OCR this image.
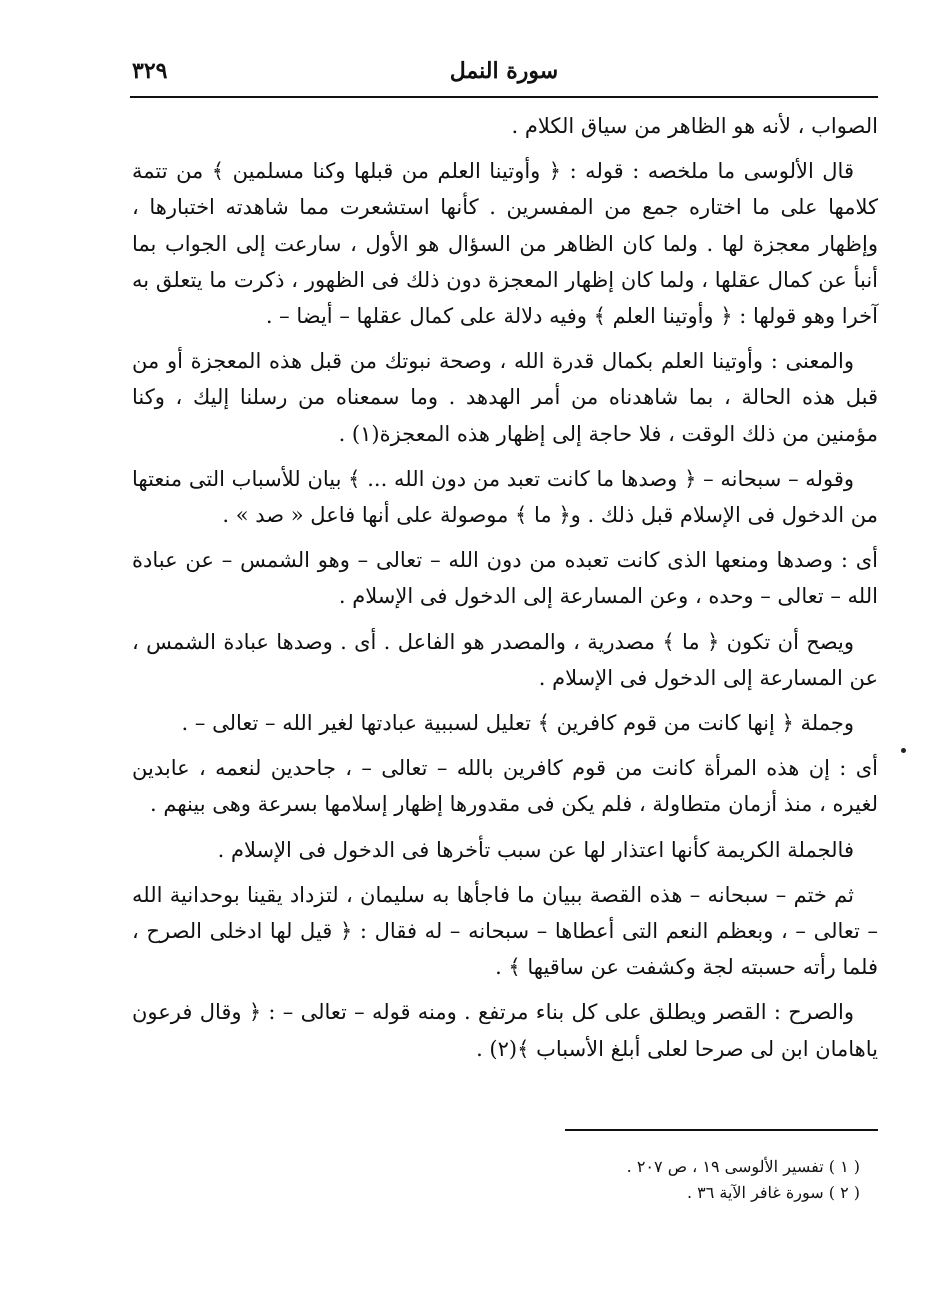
سورة النمل
٣٢٩

الصواب ، لأنه هو الظاهر من سياق الكلام .

قال الألوسى ما ملخصه : قوله : ﴿ وأوتينا العلم من قبلها وكنا مسلمين ﴾ من تتمة كلامها على ما اختاره جمع من المفسرين . كأنها استشعرت مما شاهدته اختبارها ، وإظهار معجزة لها . ولما كان الظاهر من السؤال هو الأول ، سارعت إلى الجواب بما أنبأ عن كمال عقلها ، ولما كان إظهار المعجزة دون ذلك فى الظهور ، ذكرت ما يتعلق به آخرا وهو قولها : ﴿ وأوتينا العلم ﴾ وفيه دلالة على كمال عقلها – أيضا – .

والمعنى : وأوتينا العلم بكمال قدرة الله ، وصحة نبوتك من قبل هذه المعجزة أو من قبل هذه الحالة ، بما شاهدناه من أمر الهدهد . وما سمعناه من رسلنا إليك ، وكنا مؤمنين من ذلك الوقت ، فلا حاجة إلى إظهار هذه المعجزة(١) .

وقوله – سبحانه – ﴿ وصدها ما كانت تعبد من دون الله ... ﴾ بيان للأسباب التى منعتها من الدخول فى الإسلام قبل ذلك . و﴿ ما ﴾ موصولة على أنها فاعل « صد » .

أى : وصدها ومنعها الذى كانت تعبده من دون الله – تعالى – وهو الشمس – عن عبادة الله – تعالى – وحده ، وعن المسارعة إلى الدخول فى الإسلام .

ويصح أن تكون ﴿ ما ﴾ مصدرية ، والمصدر هو الفاعل . أى . وصدها عبادة الشمس ، عن المسارعة إلى الدخول فى الإسلام .

وجملة ﴿ إنها كانت من قوم كافرين ﴾ تعليل لسببية عبادتها لغير الله – تعالى – .

أى : إن هذه المرأة كانت من قوم كافرين بالله – تعالى – ، جاحدين لنعمه ، عابدين لغيره ، منذ أزمان متطاولة ، فلم يكن فى مقدورها إظهار إسلامها بسرعة وهى بينهم .

فالجملة الكريمة كأنها اعتذار لها عن سبب تأخرها فى الدخول فى الإسلام .

ثم ختم – سبحانه – هذه القصة ببيان ما فاجأها به سليمان ، لتزداد يقينا بوحدانية الله – تعالى – ، وبعظم النعم التى أعطاها – سبحانه – له فقال : ﴿ قيل لها ادخلى الصرح ، فلما رأته حسبته لجة وكشفت عن ساقيها ﴾ .

والصرح : القصر ويطلق على كل بناء مرتفع . ومنه قوله – تعالى – : ﴿ وقال فرعون ياهامان ابن لى صرحا لعلى أبلغ الأسباب ﴾(٢) .

( ١ ) تفسير الألوسى ١٩ ، ص ٢٠٧ .
( ٢ ) سورة غافر الآية ٣٦ .
